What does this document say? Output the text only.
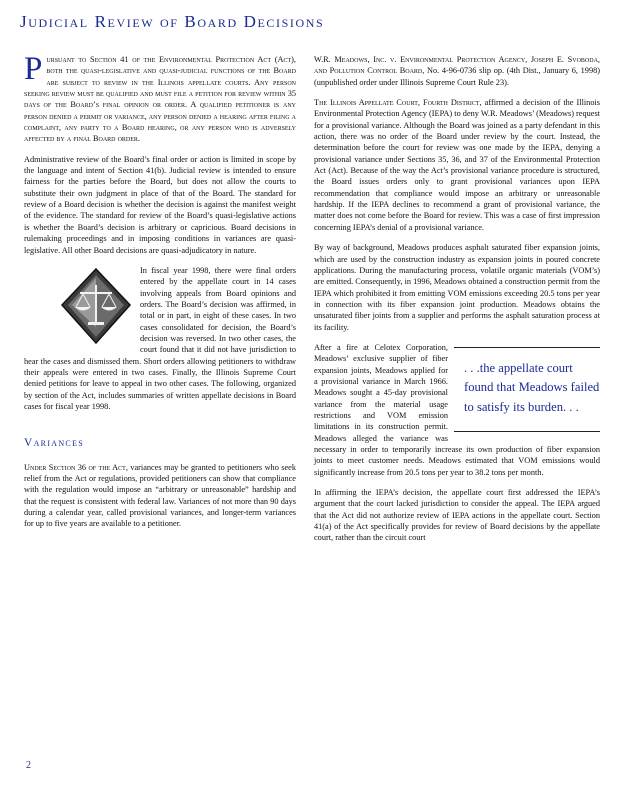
Judicial Review of Board Decisions

Pursuant to Section 41 of the Environmental Protection Act (Act), both the quasi-legislative and quasi-judicial functions of the Board are subject to review in the Illinois appellate courts. Any person seeking review must be qualified and must file a petition for review within 35 days of the Board’s final opinion or order. A qualified petitioner is any person denied a permit or variance, any person denied a hearing after filing a complaint, any party to a Board hearing, or any person who is adversely affected by a final Board order.

Administrative review of the Board’s final order or action is limited in scope by the language and intent of Section 41(b). Judicial review is intended to ensure fairness for the parties before the Board, but does not allow the courts to substitute their own judgment in place of that of the Board. The standard for review of a Board decision is whether the decision is against the manifest weight of the evidence. The standard for review of the Board’s quasi-legislative actions is whether the Board’s decision is arbitrary or capricious. Board decisions in rulemaking proceedings and in imposing conditions in variances are quasi-legislative. All other Board decisions are quasi-adjudicatory in nature.

In fiscal year 1998, there were final orders entered by the appellate court in 14 cases involving appeals from Board opinions and orders. The Board’s decision was affirmed, in total or in part, in eight of these cases. In two cases consolidated for decision, the Board’s decision was reversed. In two other cases, the court found that it did not have jurisdiction to hear the cases and dismissed them. Short orders allowing petitioners to withdraw their appeals were entered in two cases. Finally, the Illinois Supreme Court denied petitions for leave to appeal in two other cases. The following, organized by section of the Act, includes summaries of written appellate decisions in Board cases for fiscal year 1998.

Variances

Under Section 36 of the Act, variances may be granted to petitioners who seek relief from the Act or regulations, provided petitioners can show that compliance with the regulation would impose an “arbitrary or unreasonable” hardship and that the request is consistent with federal law. Variances of not more than 90 days during a calendar year, called provisional variances, and longer-term variances for up to five years are available to a petitioner.

W.R. Meadows, Inc. v. Environmental Protection Agency, Joseph E. Svoboda, and Pollution Control Board, No. 4-96-0736 slip op. (4th Dist., January 6, 1998) (unpublished order under Illinois Supreme Court Rule 23).

The Illinois Appellate Court, Fourth District, affirmed a decision of the Illinois Environmental Protection Agency (IEPA) to deny W.R. Meadows’ (Meadows) request for a provisional variance. Although the Board was joined as a party defendant in this action, there was no order of the Board under review by the court. Instead, the determination before the court for review was one made by the IEPA, denying a provisional variance under Sections 35, 36, and 37 of the Environmental Protection Act (Act). Because of the way the Act’s provisional variance procedure is structured, the Board issues orders only to grant provisional variances upon IEPA recommendation that compliance would impose an arbitrary or unreasonable hardship. If the IEPA declines to recommend a grant of provisional variance, the matter does not come before the Board for review. This was a case of first impression concerning IEPA’s denial of a provisional variance.

By way of background, Meadows produces asphalt saturated fiber expansion joints, which are used by the construction industry as expansion joints in poured concrete applications. During the manufacturing process, volatile organic materials (VOM’s) are emitted. Consequently, in 1996, Meadows obtained a construction permit from the IEPA which prohibited it from emitting VOM emissions exceeding 20.5 tons per year in connection with its fiber expansion joint production. Meadows obtains the unsaturated fiber joints from a supplier and performs the asphalt saturation process at its facility.

. . .the appellate court found that Meadows failed to satisfy its burden. . .

After a fire at Celotex Corporation, Meadows’ exclusive supplier of fiber expansion joints, Meadows applied for a provisional variance in March 1966. Meadows sought a 45-day provisional variance from the material usage restrictions and VOM emission limitations in its construction permit. Meadows alleged the variance was necessary in order to temporarily increase its own production of fiber expansion joints to meet customer needs. Meadows estimated that VOM emissions would significantly increase from 20.5 tons per year to 38.2 tons per month.

In affirming the IEPA’s decision, the appellate court first addressed the IEPA’s argument that the court lacked jurisdiction to consider the appeal. The IEPA argued that the Act did not authorize review of IEPA actions in the appellate court. Section 41(a) of the Act specifically provides for review of Board decisions by the appellate court, rather than the circuit court

2
